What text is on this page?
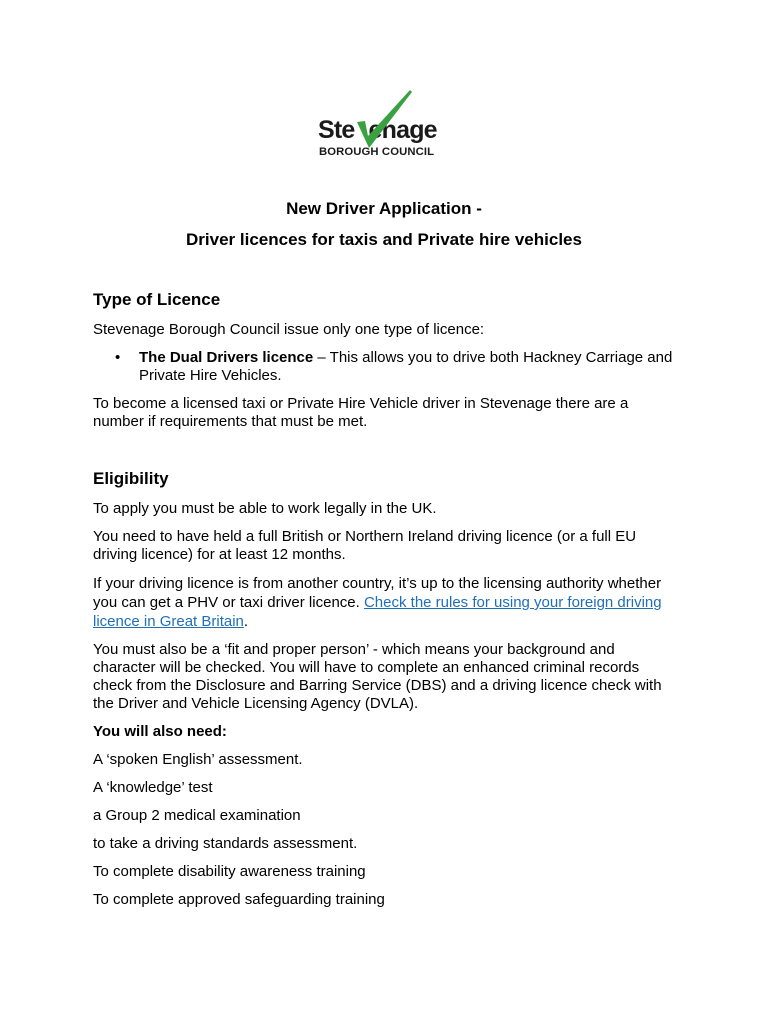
Ste enage
BOROUGH COUNCIL
New Driver Application -
Driver licences for taxis and Private hire vehicles
Type of Licence

Stevenage Borough Council issue only one type of licence:

• The Dual Drivers licence – This allows you to drive both Hackney Carriage and Private Hire Vehicles.

To become a licensed taxi or Private Hire Vehicle driver in Stevenage there are a number if requirements that must be met.

Eligibility

To apply you must be able to work legally in the UK.

You need to have held a full British or Northern Ireland driving licence (or a full EU driving licence) for at least 12 months.

If your driving licence is from another country, it’s up to the licensing authority whether you can get a PHV or taxi driver licence. Check the rules for using your foreign driving licence in Great Britain.

You must also be a ‘fit and proper person’ - which means your background and character will be checked. You will have to complete an enhanced criminal records check from the Disclosure and Barring Service (DBS) and a driving licence check with the Driver and Vehicle Licensing Agency (DVLA).

You will also need:

A ‘spoken English’ assessment.

A ‘knowledge’ test

a Group 2 medical examination

to take a driving standards assessment.

To complete disability awareness training

To complete approved safeguarding training
